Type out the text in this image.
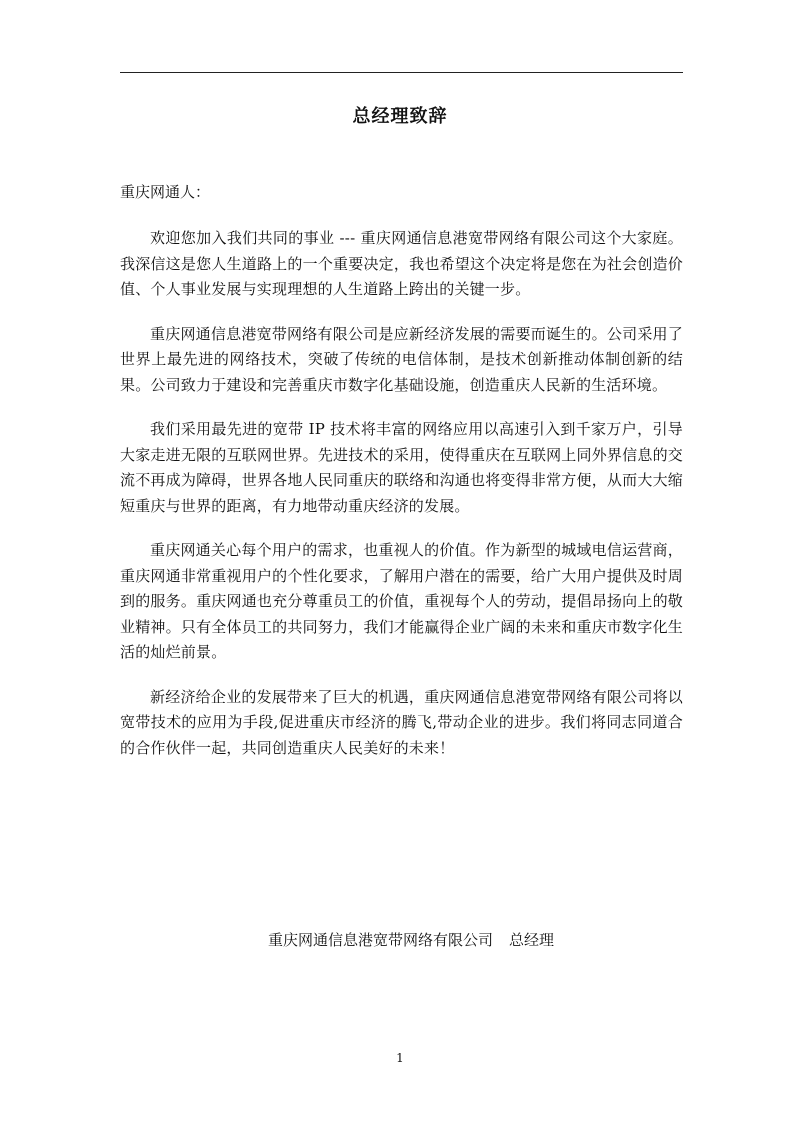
总经理致辞
重庆网通人：

欢迎您加入我们共同的事业 --- 重庆网通信息港宽带网络有限公司这个大家庭。我深信这是您人生道路上的一个重要决定，我也希望这个决定将是您在为社会创造价值、个人事业发展与实现理想的人生道路上跨出的关键一步。

重庆网通信息港宽带网络有限公司是应新经济发展的需要而诞生的。公司采用了世界上最先进的网络技术，突破了传统的电信体制，是技术创新推动体制创新的结果。公司致力于建设和完善重庆市数字化基础设施，创造重庆人民新的生活环境。

我们采用最先进的宽带 IP 技术将丰富的网络应用以高速引入到千家万户，引导大家走进无限的互联网世界。先进技术的采用，使得重庆在互联网上同外界信息的交流不再成为障碍，世界各地人民同重庆的联络和沟通也将变得非常方便，从而大大缩短重庆与世界的距离，有力地带动重庆经济的发展。

重庆网通关心每个用户的需求，也重视人的价值。作为新型的城域电信运营商，重庆网通非常重视用户的个性化要求，了解用户潜在的需要，给广大用户提供及时周到的服务。重庆网通也充分尊重员工的价值，重视每个人的劳动，提倡昂扬向上的敬业精神。只有全体员工的共同努力，我们才能赢得企业广阔的未来和重庆市数字化生活的灿烂前景。

新经济给企业的发展带来了巨大的机遇，重庆网通信息港宽带网络有限公司将以宽带技术的应用为手段,促进重庆市经济的腾飞,带动企业的进步。我们将同志同道合的合作伙伴一起，共同创造重庆人民美好的未来！

重庆网通信息港宽带网络有限公司 总经理
1
